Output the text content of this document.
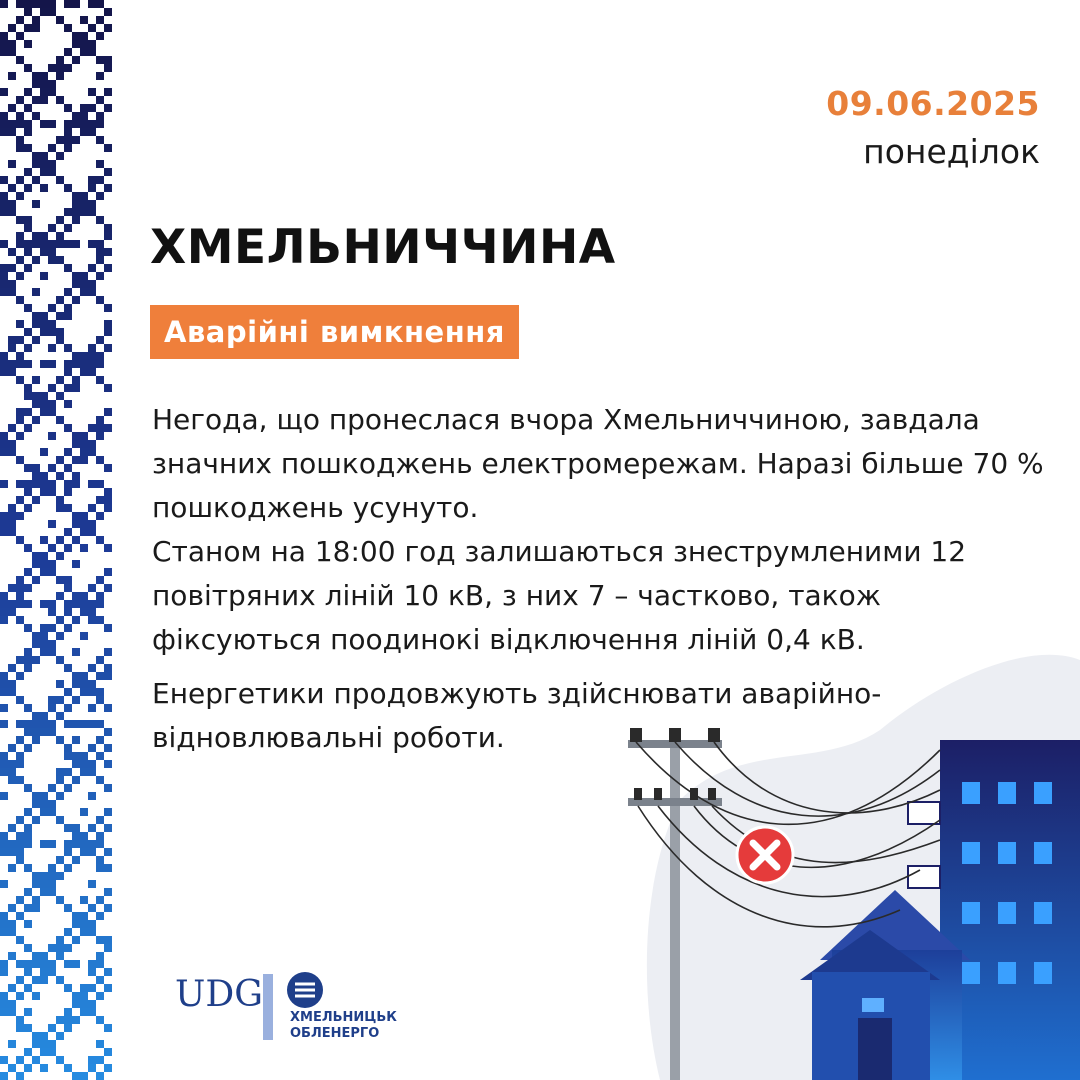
09.06.2025
понеділок
ХМЕЛЬНИЧЧИНА
Аварійні вимкнення

Негода, що пронеслася вчора Хмельниччиною, завдала значних пошкоджень електромережам. Наразі більше 70 % пошкоджень усунуто.

Станом на 18:00 год залишаються знеструмленими 12 повітряних ліній 10 кВ, з них 7 – частково, також фіксуються поодинокі відключення ліній 0,4 кВ.

Енергетики продовжують здійснювати аварійно-відновлювальні роботи.

UDG
ХМЕЛЬНИЦЬК
ОБЛЕНЕРГО
